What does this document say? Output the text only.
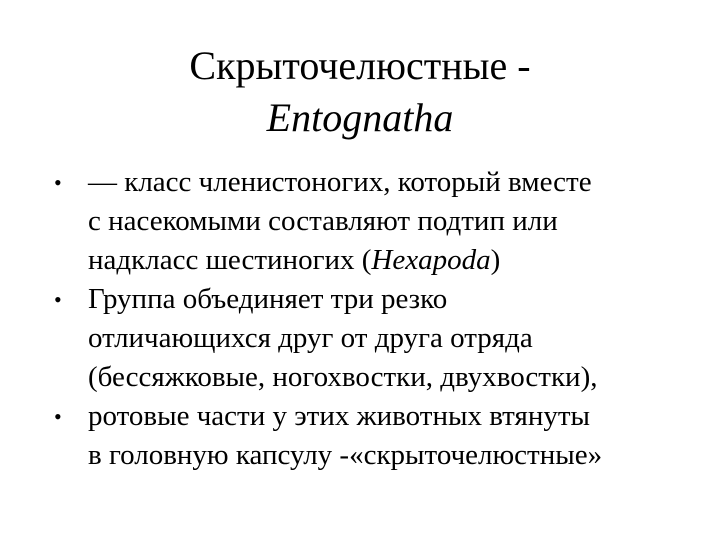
Скрыточелюстные -
Entognatha
• — класс членистоногих, который вместе
с насекомыми составляют подтип или
надкласс шестиногих (Hexapoda)
• Группа объединяет три резко
отличающихся друг от друга отряда
(бессяжковые, ногохвостки, двухвостки),
• ротовые части у этих животных втянуты
в головную капсулу -«скрыточелюстные»
